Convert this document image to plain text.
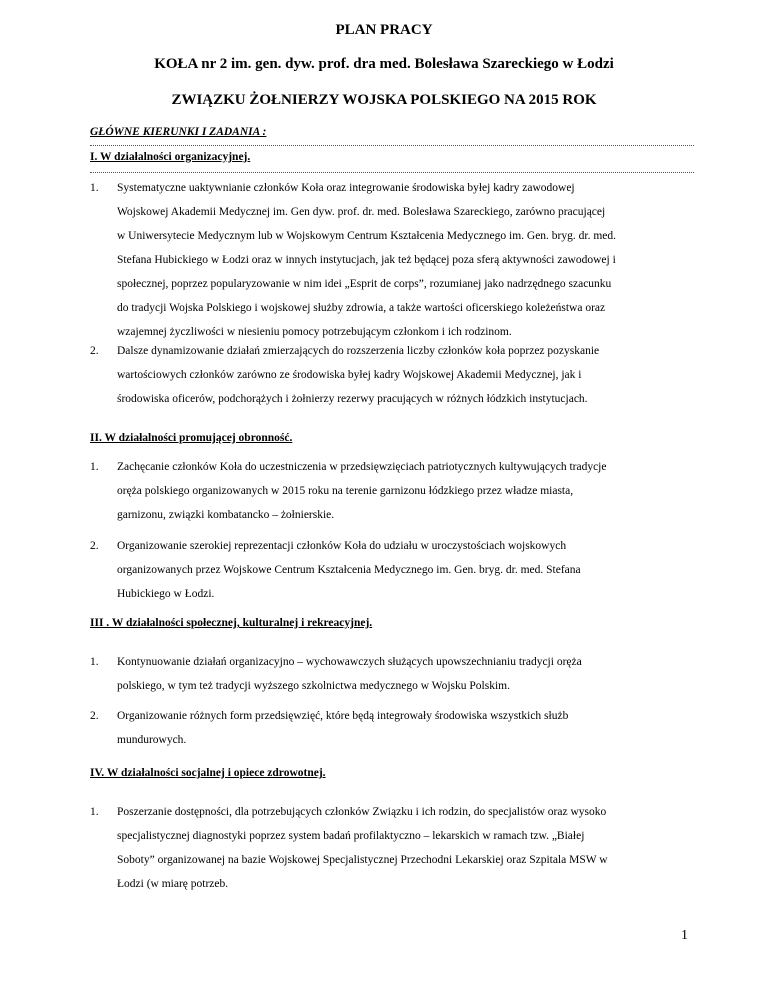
PLAN PRACY
KOŁA nr 2 im. gen. dyw. prof. dra med. Bolesława Szareckiego w Łodzi
ZWIĄZKU ŻOŁNIERZY WOJSKA POLSKIEGO NA 2015 ROK
GŁÓWNE KIERUNKI I ZADANIA :
I. W działalności organizacyjnej.
1. Systematyczne uaktywnianie członków Koła oraz integrowanie środowiska byłej kadry zawodowej
Wojskowej Akademii Medycznej im. Gen dyw. prof. dr. med. Bolesława Szareckiego, zarówno pracującej
w Uniwersytecie Medycznym lub w Wojskowym Centrum Kształcenia Medycznego im. Gen. bryg. dr. med.
Stefana Hubickiego w Łodzi oraz w innych instytucjach, jak też będącej poza sferą aktywności zawodowej i
społecznej, poprzez popularyzowanie w nim idei „Esprit de corps”, rozumianej jako nadrzędnego szacunku
do tradycji Wojska Polskiego i wojskowej służby zdrowia, a także wartości oficerskiego koleżeństwa oraz
wzajemnej życzliwości w niesieniu pomocy potrzebującym członkom i ich rodzinom.
2. Dalsze dynamizowanie działań zmierzających do rozszerzenia liczby członków koła poprzez pozyskanie
wartościowych członków zarówno ze środowiska byłej kadry Wojskowej Akademii Medycznej, jak i
środowiska oficerów, podchorążych i żołnierzy rezerwy pracujących w różnych łódzkich instytucjach.
II. W działalności promującej obronność.
1. Zachęcanie członków Koła do uczestniczenia w przedsięwzięciach patriotycznych kultywujących tradycje
oręża polskiego organizowanych w 2015 roku na terenie garnizonu łódzkiego przez władze miasta,
garnizonu, związki kombatancko – żołnierskie.
2. Organizowanie szerokiej reprezentacji członków Koła do udziału w uroczystościach wojskowych
organizowanych przez Wojskowe Centrum Kształcenia Medycznego im. Gen. bryg. dr. med. Stefana
Hubickiego w Łodzi.
III . W działalności społecznej, kulturalnej i rekreacyjnej.
1. Kontynuowanie działań organizacyjno – wychowawczych służących upowszechnianiu tradycji oręża
polskiego, w tym też tradycji wyższego szkolnictwa medycznego w Wojsku Polskim.
2. Organizowanie różnych form przedsięwzięć, które będą integrowały środowiska wszystkich służb
mundurowych.
IV. W działalności socjalnej i opiece zdrowotnej.
1. Poszerzanie dostępności, dla potrzebujących członków Związku i ich rodzin, do specjalistów oraz wysoko
specjalistycznej diagnostyki poprzez system badań profilaktyczno – lekarskich w ramach tzw. „Białej
Soboty” organizowanej na bazie Wojskowej Specjalistycznej Przechodni Lekarskiej oraz Szpitala MSW w
Łodzi (w miarę potrzeb.
1
